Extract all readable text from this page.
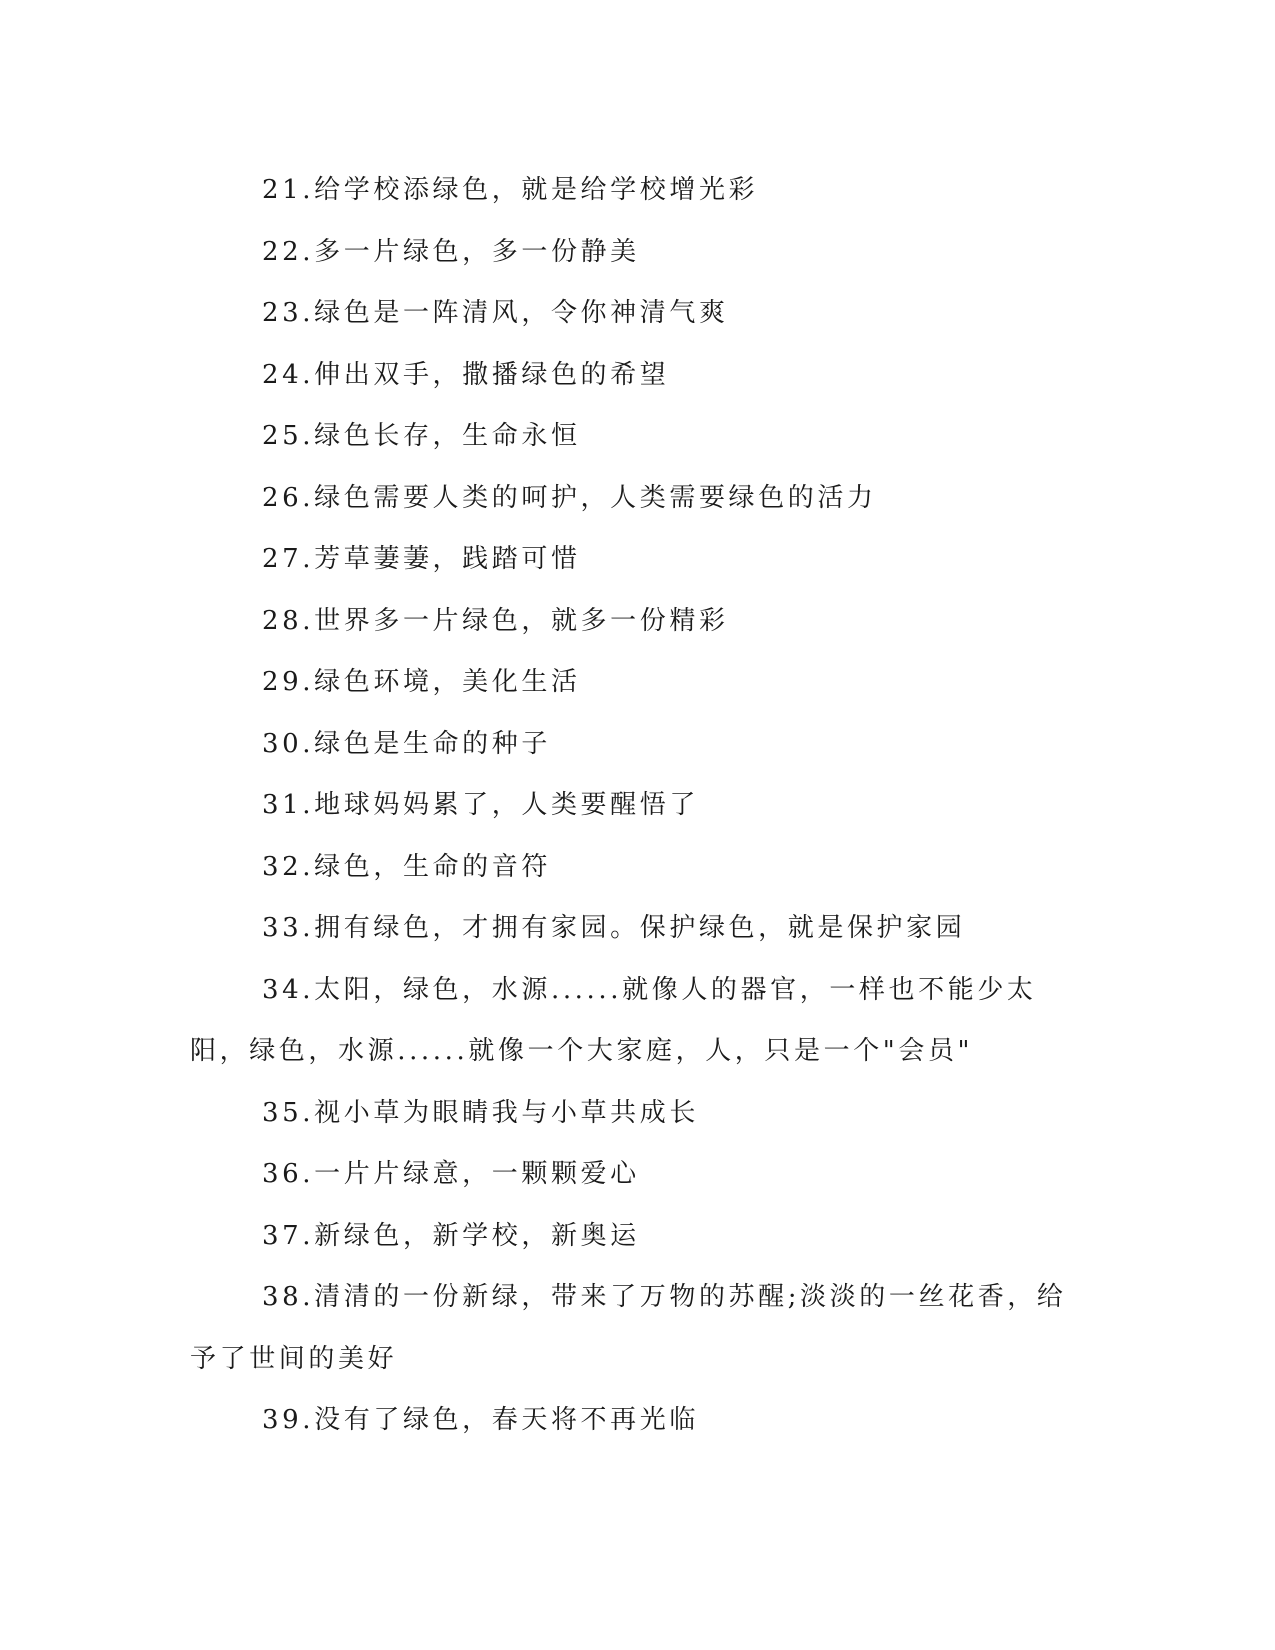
21.给学校添绿色，就是给学校增光彩

22.多一片绿色，多一份静美

23.绿色是一阵清风，令你神清气爽

24.伸出双手，撒播绿色的希望

25.绿色长存，生命永恒

26.绿色需要人类的呵护，人类需要绿色的活力

27.芳草萋萋，践踏可惜

28.世界多一片绿色，就多一份精彩

29.绿色环境，美化生活

30.绿色是生命的种子

31.地球妈妈累了，人类要醒悟了

32.绿色，生命的音符

33.拥有绿色，才拥有家园。保护绿色，就是保护家园

34.太阳，绿色，水源......就像人的器官，一样也不能少太阳，绿色，水源......就像一个大家庭，人，只是一个"会员"

35.视小草为眼睛我与小草共成长

36.一片片绿意，一颗颗爱心

37.新绿色，新学校，新奥运

38.清清的一份新绿，带来了万物的苏醒;淡淡的一丝花香，给予了世间的美好

39.没有了绿色，春天将不再光临
